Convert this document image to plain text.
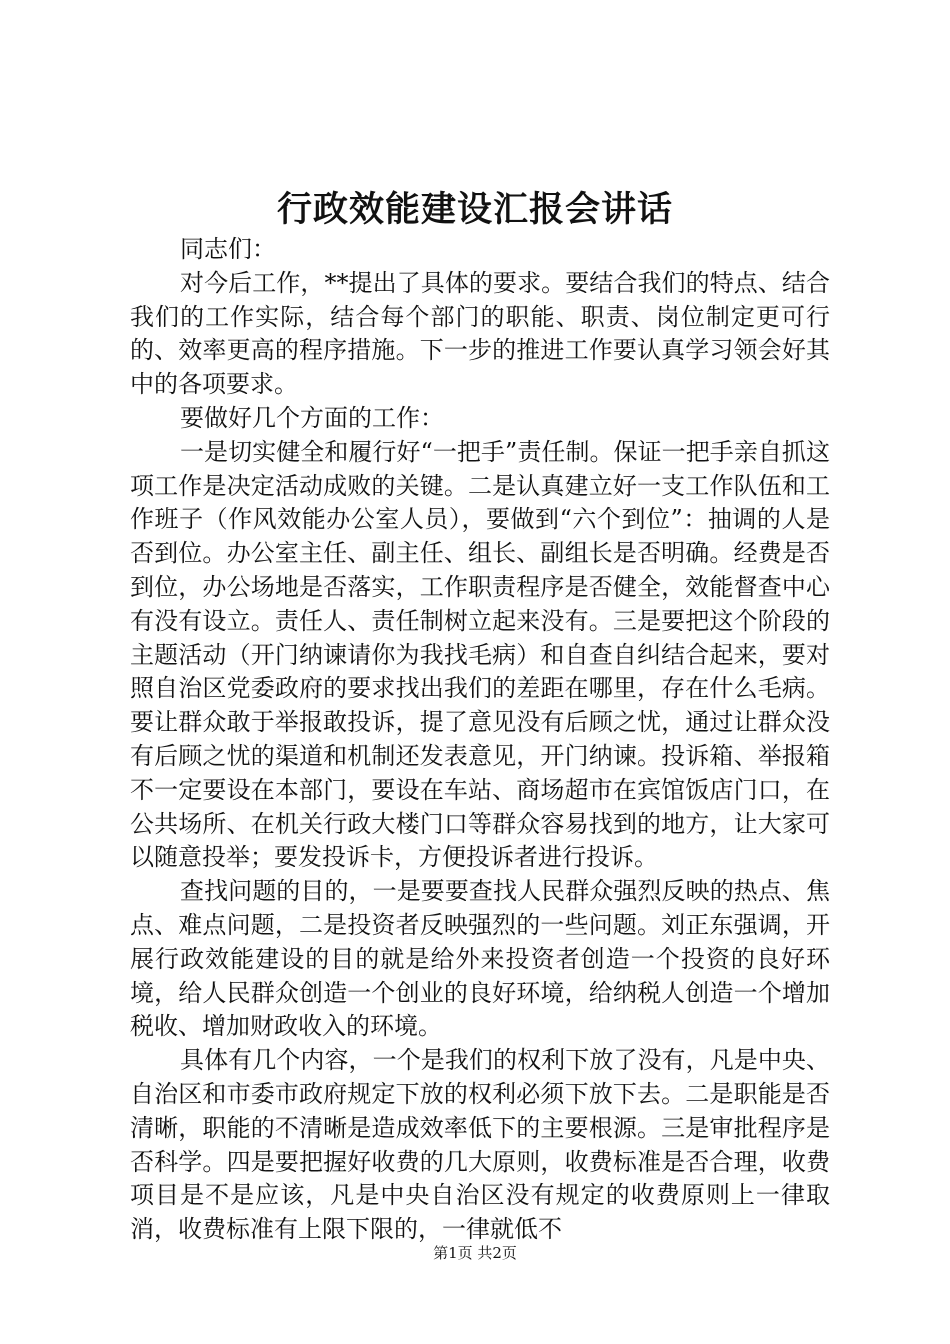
行政效能建设汇报会讲话

同志们：

对今后工作，**提出了具体的要求。要结合我们的特点、结合我们的工作实际，结合每个部门的职能、职责、岗位制定更可行的、效率更高的程序措施。下一步的推进工作要认真学习领会好其中的各项要求。

要做好几个方面的工作：

一是切实健全和履行好“一把手”责任制。保证一把手亲自抓这项工作是决定活动成败的关键。二是认真建立好一支工作队伍和工作班子（作风效能办公室人员），要做到“六个到位”：抽调的人是否到位。办公室主任、副主任、组长、副组长是否明确。经费是否到位，办公场地是否落实，工作职责程序是否健全，效能督查中心有没有设立。责任人、责任制树立起来没有。三是要把这个阶段的主题活动（开门纳谏请你为我找毛病）和自查自纠结合起来，要对照自治区党委政府的要求找出我们的差距在哪里，存在什么毛病。要让群众敢于举报敢投诉，提了意见没有后顾之忧，通过让群众没有后顾之忧的渠道和机制还发表意见，开门纳谏。投诉箱、举报箱不一定要设在本部门，要设在车站、商场超市在宾馆饭店门口，在公共场所、在机关行政大楼门口等群众容易找到的地方，让大家可以随意投举；要发投诉卡，方便投诉者进行投诉。

查找问题的目的，一是要要查找人民群众强烈反映的热点、焦点、难点问题，二是投资者反映强烈的一些问题。刘正东强调，开展行政效能建设的目的就是给外来投资者创造一个投资的良好环境，给人民群众创造一个创业的良好环境，给纳税人创造一个增加税收、增加财政收入的环境。

具体有几个内容，一个是我们的权利下放了没有，凡是中央、自治区和市委市政府规定下放的权利必须下放下去。二是职能是否清晰，职能的不清晰是造成效率低下的主要根源。三是审批程序是否科学。四是要把握好收费的几大原则，收费标准是否合理，收费项目是不是应该，凡是中央自治区没有规定的收费原则上一律取消，收费标准有上限下限的，一律就低不

第1页 共2页
